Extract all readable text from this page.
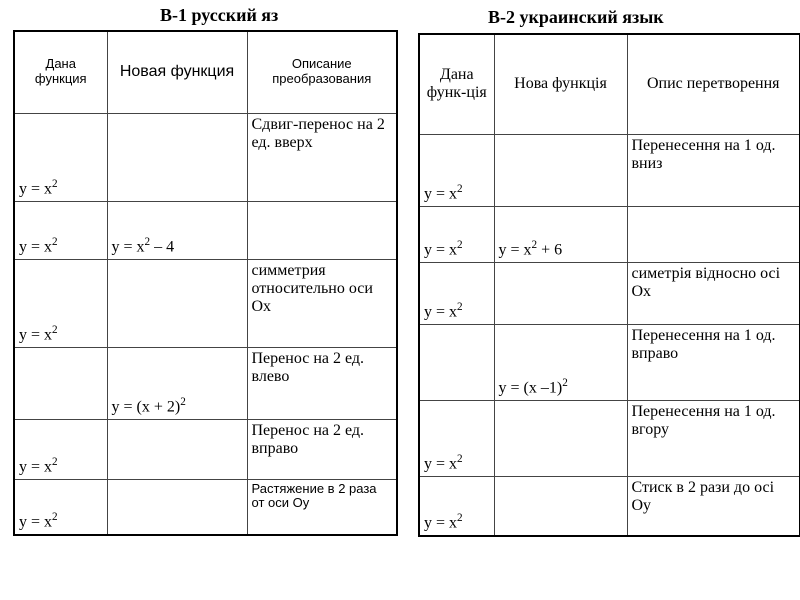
В-1 русский яз	В-2 украинский язык
Дана функция	Новая функция	Описание преобразования
$y = x^2$		Сдвиг-перенос на 2 ед. вверх
$y = x^2$	$y = x^2 - 4$	
$y = x^2$		симметрия относительно оси Ох
	$y = (x + 2)^2$	Перенос на 2 ед. влево
$y = x^2$		Перенос на 2 ед. вправо
$y = x^2$		Растяжение в 2 раза от оси Оу
Дана функ-ція	Нова функція	Опис перетворення
$y = x^2$		Перенесення на 1 од. вниз
$y = x^2$	$y = x^2 + 6$	
$y = x^2$		симетрія відносно осі Ох
	y = (x –1)$^2$	Перенесення на 1 од. вправо
$y = x^2$		Перенесення на 1 од. вгору
$y = x^2$		Стиск в 2 рази до осі Оу
